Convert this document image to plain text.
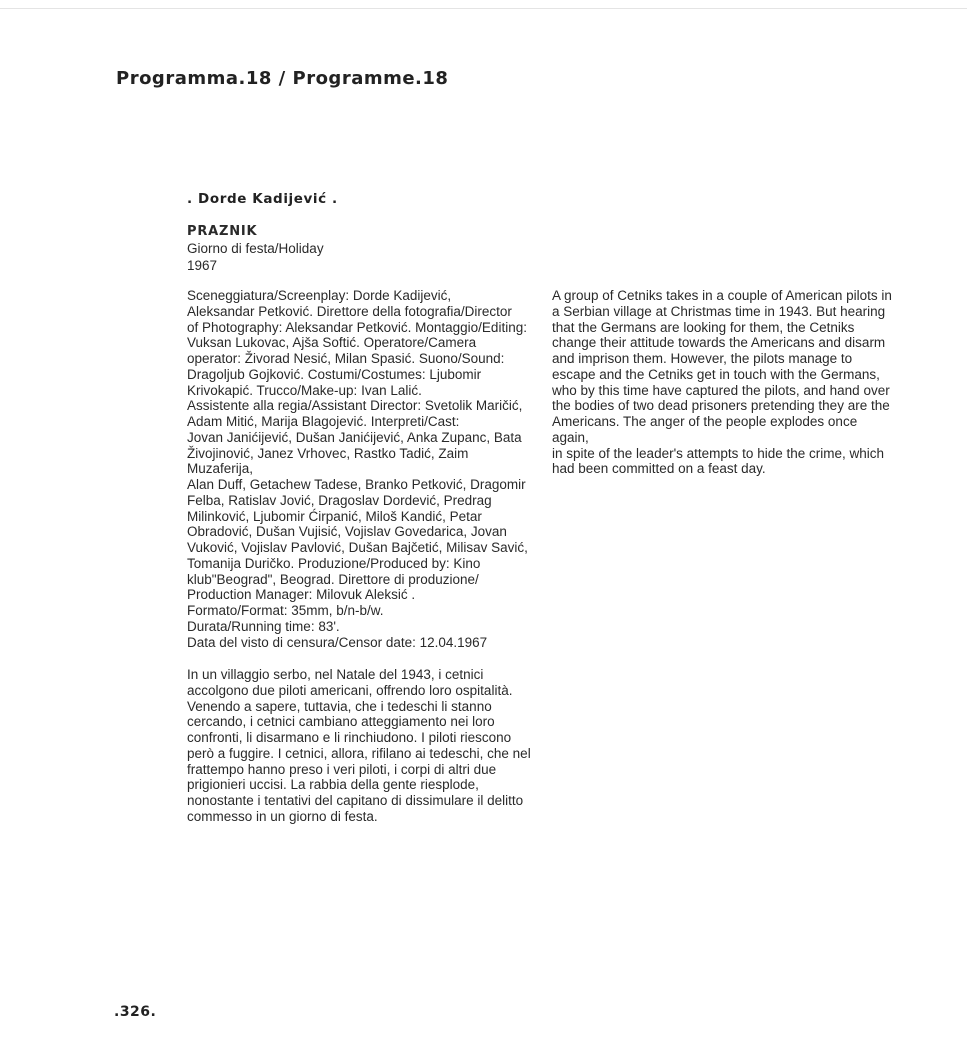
Programma.18 / Programme.18
. Dorde Kadijević .
PRAZNIK
Giorno di festa/Holiday
1967

Sceneggiatura/Screenplay: Dorde Kadijević,
Aleksandar Petković. Direttore della fotografia/Director
of Photography: Aleksandar Petković. Montaggio/Editing:
Vuksan Lukovac, Ajša Softić. Operatore/Camera
operator: Živorad Nesić, Milan Spasić. Suono/Sound:
Dragoljub Gojković. Costumi/Costumes: Ljubomir
Krivokapić. Trucco/Make-up: Ivan Lalić.
Assistente alla regia/Assistant Director: Svetolik Maričić,
Adam Mitić, Marija Blagojević. Interpreti/Cast:
Jovan Janićijević, Dušan Janićijević, Anka Zupanc, Bata
Živojinović, Janez Vrhovec, Rastko Tadić, Zaim Muzaferija,
Alan Duff, Getachew Tadese, Branko Petković, Dragomir
Felba, Ratislav Jović, Dragoslav Dordević, Predrag
Milinković, Ljubomir Ćirpanić, Miloš Kandić, Petar
Obradović, Dušan Vujisić, Vojislav Govedarica, Jovan
Vuković, Vojislav Pavlović, Dušan Bajčetić, Milisav Savić,
Tomanija Duričko. Produzione/Produced by: Kino
klub"Beograd", Beograd. Direttore di produzione/
Production Manager: Milovuk Aleksić .
Formato/Format: 35mm, b/n-b/w.
Durata/Running time: 83'.
Data del visto di censura/Censor date: 12.04.1967

In un villaggio serbo, nel Natale del 1943, i cetnici
accolgono due piloti americani, offrendo loro ospitalità.
Venendo a sapere, tuttavia, che i tedeschi li stanno
cercando, i cetnici cambiano atteggiamento nei loro
confronti, li disarmano e li rinchiudono. I piloti riescono
però a fuggire. I cetnici, allora, rifilano ai tedeschi, che nel
frattempo hanno preso i veri piloti, i corpi di altri due
prigionieri uccisi. La rabbia della gente riesplode,
nonostante i tentativi del capitano di dissimulare il delitto
commesso in un giorno di festa.

A group of Cetniks takes in a couple of American pilots in
a Serbian village at Christmas time in 1943. But hearing
that the Germans are looking for them, the Cetniks
change their attitude towards the Americans and disarm
and imprison them. However, the pilots manage to
escape and the Cetniks get in touch with the Germans,
who by this time have captured the pilots, and hand over
the bodies of two dead prisoners pretending they are the
Americans. The anger of the people explodes once again,
in spite of the leader's attempts to hide the crime, which
had been committed on a feast day.

.326.
